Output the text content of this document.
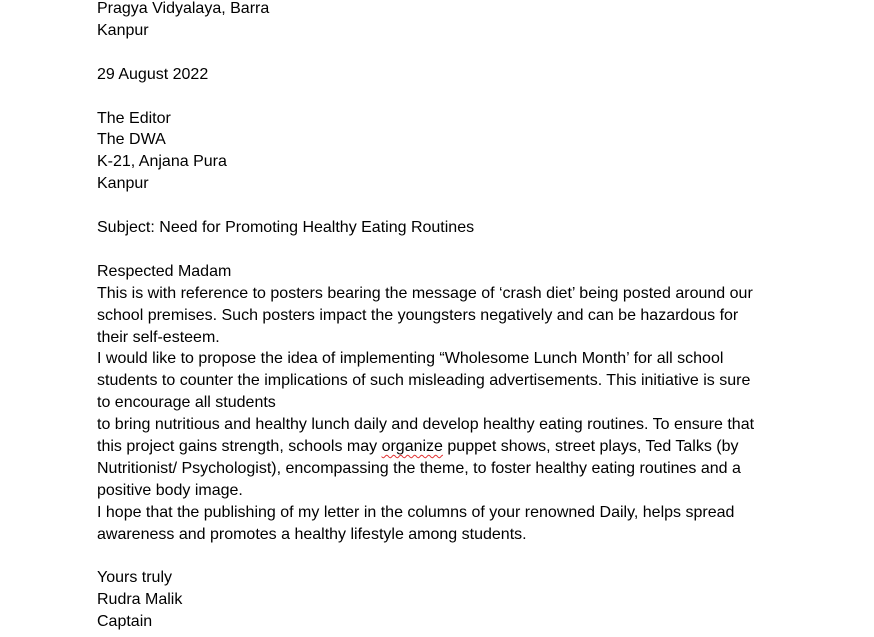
Pragya Vidyalaya, Barra
Kanpur
29 August 2022
The Editor
The DWA
K-21, Anjana Pura
Kanpur
Subject: Need for Promoting Healthy Eating Routines
Respected Madam
This is with reference to posters bearing the message of ‘crash diet’ being posted around our
school premises. Such posters impact the youngsters negatively and can be hazardous for
their self-esteem.
I would like to propose the idea of implementing “Wholesome Lunch Month’ for all school
students to counter the implications of such misleading advertisements. This initiative is sure
to encourage all students
to bring nutritious and healthy lunch daily and develop healthy eating routines. To ensure that
this project gains strength, schools may organize puppet shows, street plays, Ted Talks (by
Nutritionist/ Psychologist), encompassing the theme, to foster healthy eating routines and a
positive body image.
I hope that the publishing of my letter in the columns of your renowned Daily, helps spread
awareness and promotes a healthy lifestyle among students.
Yours truly
Rudra Malik
Captain
